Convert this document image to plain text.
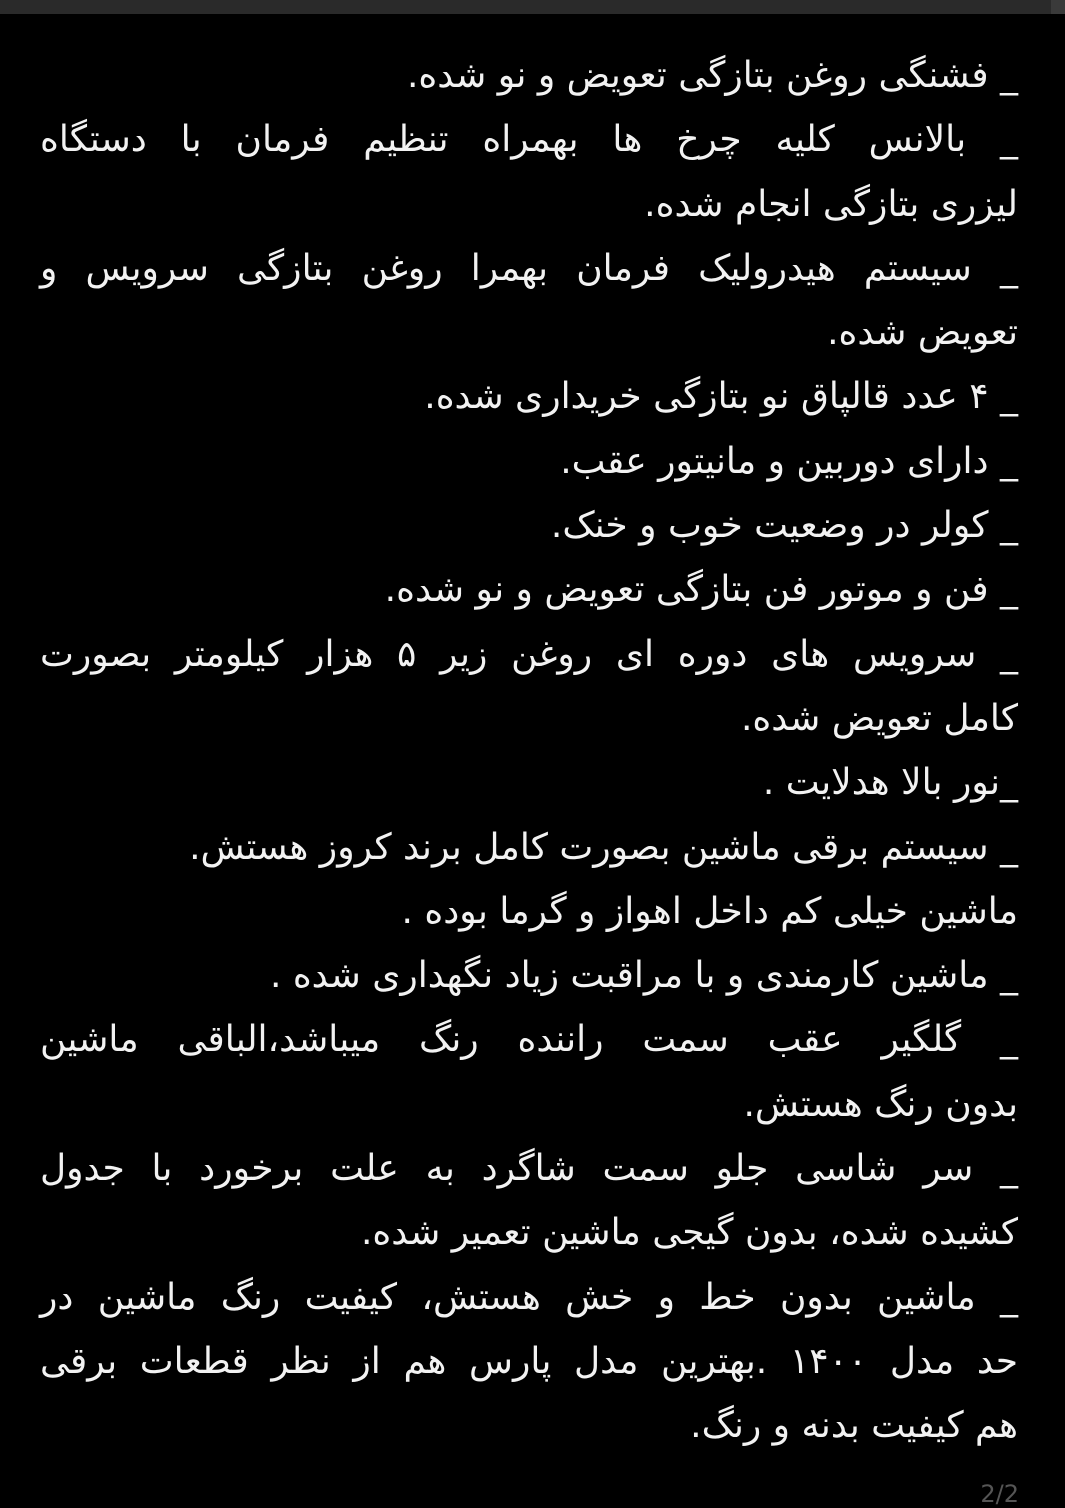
_ فشنگی روغن بتازگی تعویض و نو شده.
_ بالانس کلیه چرخ ها بهمراه تنظیم فرمان با دستگاه
لیزری بتازگی انجام شده.
_ سیستم هیدرولیک فرمان بهمرا روغن بتازگی سرویس و
تعویض شده.
_ ۴ عدد قالپاق نو بتازگی خریداری شده.
_ دارای دوربین و مانیتور عقب.
_ کولر در وضعیت خوب و خنک.
_ فن و موتور فن بتازگی تعویض و نو شده.
_ سرویس های دوره ای روغن زیر ۵ هزار کیلومتر بصورت
کامل تعویض شده.
_نور بالا هدلایت .
_ سیستم برقی ماشین بصورت کامل برند کروز هستش.
ماشین خیلی کم داخل اهواز و گرما بوده .
_ ماشین کارمندی و با مراقبت زیاد نگهداری شده .
_ گلگیر عقب سمت راننده رنگ میباشد،الباقی ماشین
بدون رنگ هستش.
_ سر شاسی جلو سمت شاگرد به علت برخورد با جدول
کشیده شده، بدون گیجی ماشین تعمیر شده.
_ ماشین بدون خط و خش هستش، کیفیت رنگ ماشین در
حد مدل ۱۴۰۰ .بهترین مدل پارس هم از نظر قطعات برقی
هم کیفیت بدنه و رنگ.
2/2
